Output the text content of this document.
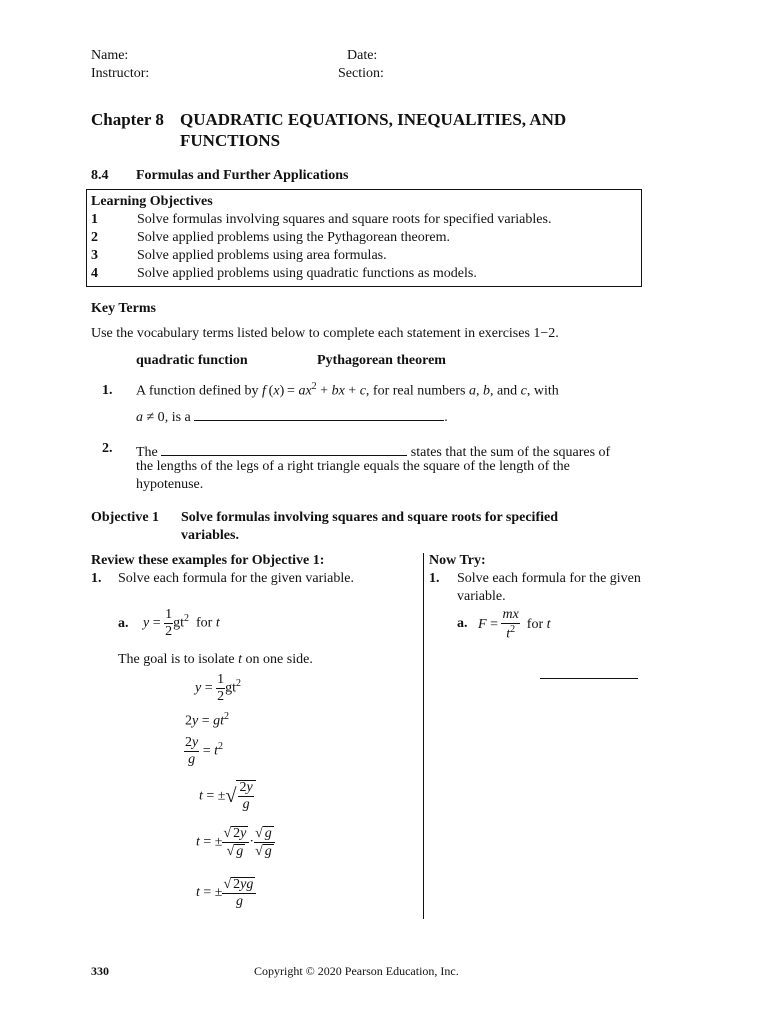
Name:
Instructor:
Date:
Section:
Chapter 8 QUADRATIC EQUATIONS, INEQUALITIES, AND
FUNCTIONS
8.4 Formulas and Further Applications
Learning Objectives
1	Solve formulas involving squares and square roots for specified variables.
2	Solve applied problems using the Pythagorean theorem.
3	Solve applied problems using area formulas.
4	Solve applied problems using quadratic functions as models.
Key Terms
Use the vocabulary terms listed below to complete each statement in exercises 1−2.
quadratic function	Pythagorean theorem
1. A function defined by f $(x) = ax^2$ + bx + c, for real numbers a, b, and c, with
a ≠ 0, is a	.
2. The	states that the sum of the squares of
the lengths of the legs of a right triangle equals the square of the length of the
hypotenuse.
Objective 1 Solve formulas involving squares and square roots for specified
variables.
Review these examples for Objective 1:
1. Solve each formula for the given variable.
a. $y = \frac{1}{2} gt^2$ for t
The goal is to isolate t on one side.
$y = \frac{1}{2} gt^2$
$2y = gt^2$
$\frac{2y}{g} = t^2$
t = ±√ $\frac{2y}{g}$
t = ± $\frac{√ 2y}{√ g} \cdot \frac{√ g}{√ g}$
t = ± $\frac{√ 2yg}{g}$
Now Try:
1. Solve each formula for the given
variable.
a. $F = \frac{mx}{t^2}$ for t
330	Copyright © 2020 Pearson Education, Inc.
